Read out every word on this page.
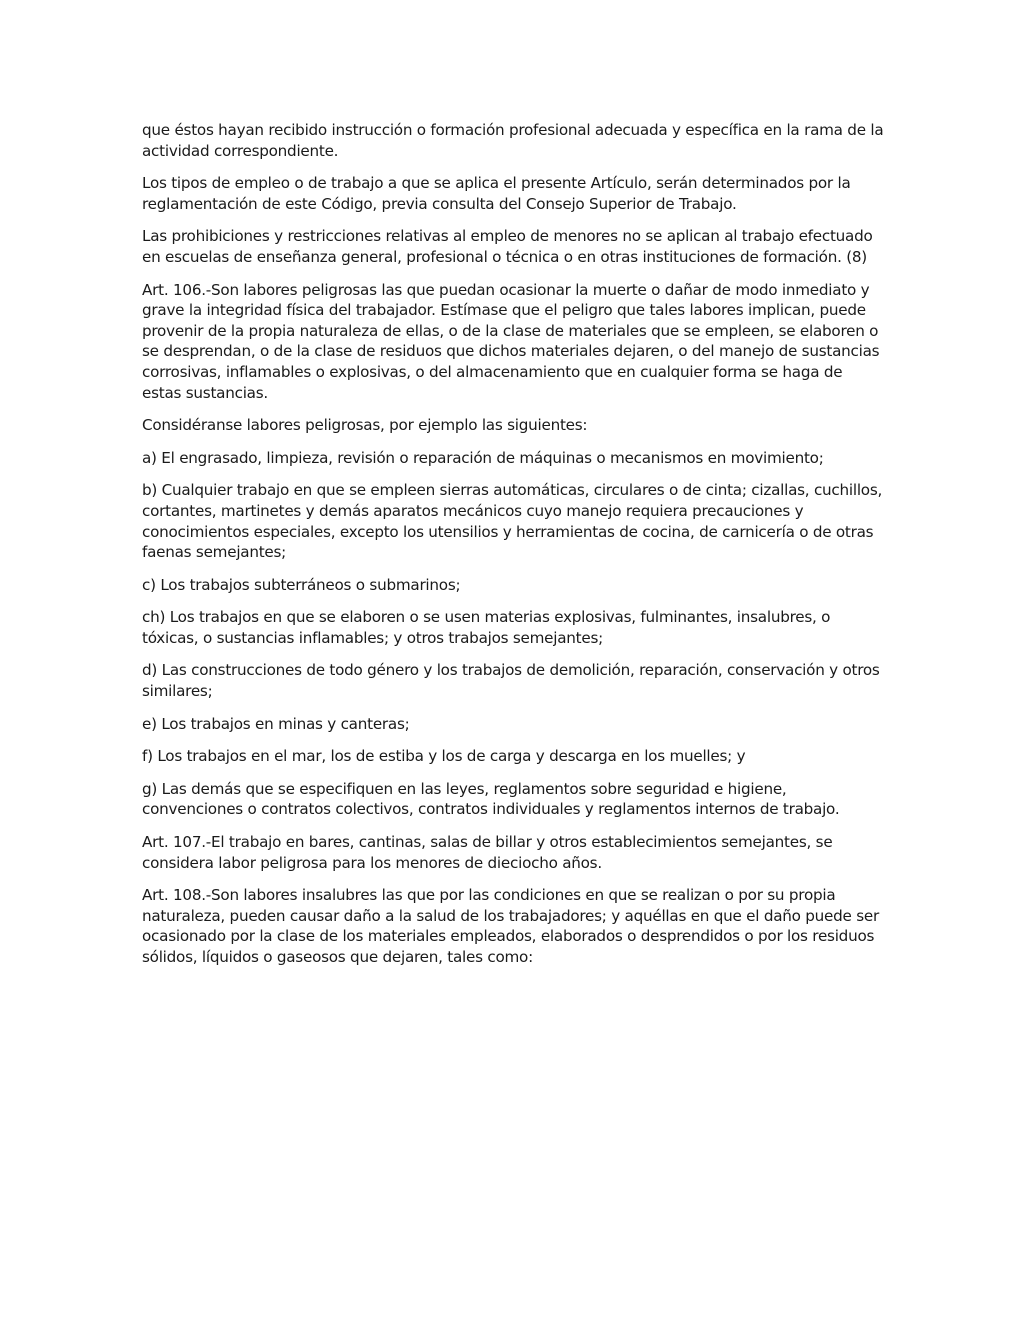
que éstos hayan recibido instrucción o formación profesional adecuada y específica en la rama de la actividad correspondiente.

Los tipos de empleo o de trabajo a que se aplica el presente Artículo, serán determinados por la reglamentación de este Código, previa consulta del Consejo Superior de Trabajo.

Las prohibiciones y restricciones relativas al empleo de menores no se aplican al trabajo efectuado en escuelas de enseñanza general, profesional o técnica o en otras instituciones de formación. (8)

Art. 106.-Son labores peligrosas las que puedan ocasionar la muerte o dañar de modo inmediato y grave la integridad física del trabajador. Estímase que el peligro que tales labores implican, puede provenir de la propia naturaleza de ellas, o de la clase de materiales que se empleen, se elaboren o se desprendan, o de la clase de residuos que dichos materiales dejaren, o del manejo de sustancias corrosivas, inflamables o explosivas, o del almacenamiento que en cualquier forma se haga de estas sustancias.

Considéranse labores peligrosas, por ejemplo las siguientes:

a) El engrasado, limpieza, revisión o reparación de máquinas o mecanismos en movimiento;

b) Cualquier trabajo en que se empleen sierras automáticas, circulares o de cinta; cizallas, cuchillos, cortantes, martinetes y demás aparatos mecánicos cuyo manejo requiera precauciones y conocimientos especiales, excepto los utensilios y herramientas de cocina, de carnicería o de otras faenas semejantes;

c) Los trabajos subterráneos o submarinos;

ch) Los trabajos en que se elaboren o se usen materias explosivas, fulminantes, insalubres, o tóxicas, o sustancias inflamables; y otros trabajos semejantes;

d) Las construcciones de todo género y los trabajos de demolición, reparación, conservación y otros similares;

e) Los trabajos en minas y canteras;

f) Los trabajos en el mar, los de estiba y los de carga y descarga en los muelles; y

g) Las demás que se especifiquen en las leyes, reglamentos sobre seguridad e higiene, convenciones o contratos colectivos, contratos individuales y reglamentos internos de trabajo.

Art. 107.-El trabajo en bares, cantinas, salas de billar y otros establecimientos semejantes, se considera labor peligrosa para los menores de dieciocho años.

Art. 108.-Son labores insalubres las que por las condiciones en que se realizan o por su propia naturaleza, pueden causar daño a la salud de los trabajadores; y aquéllas en que el daño puede ser ocasionado por la clase de los materiales empleados, elaborados o desprendidos o por los residuos sólidos, líquidos o gaseosos que dejaren, tales como:
